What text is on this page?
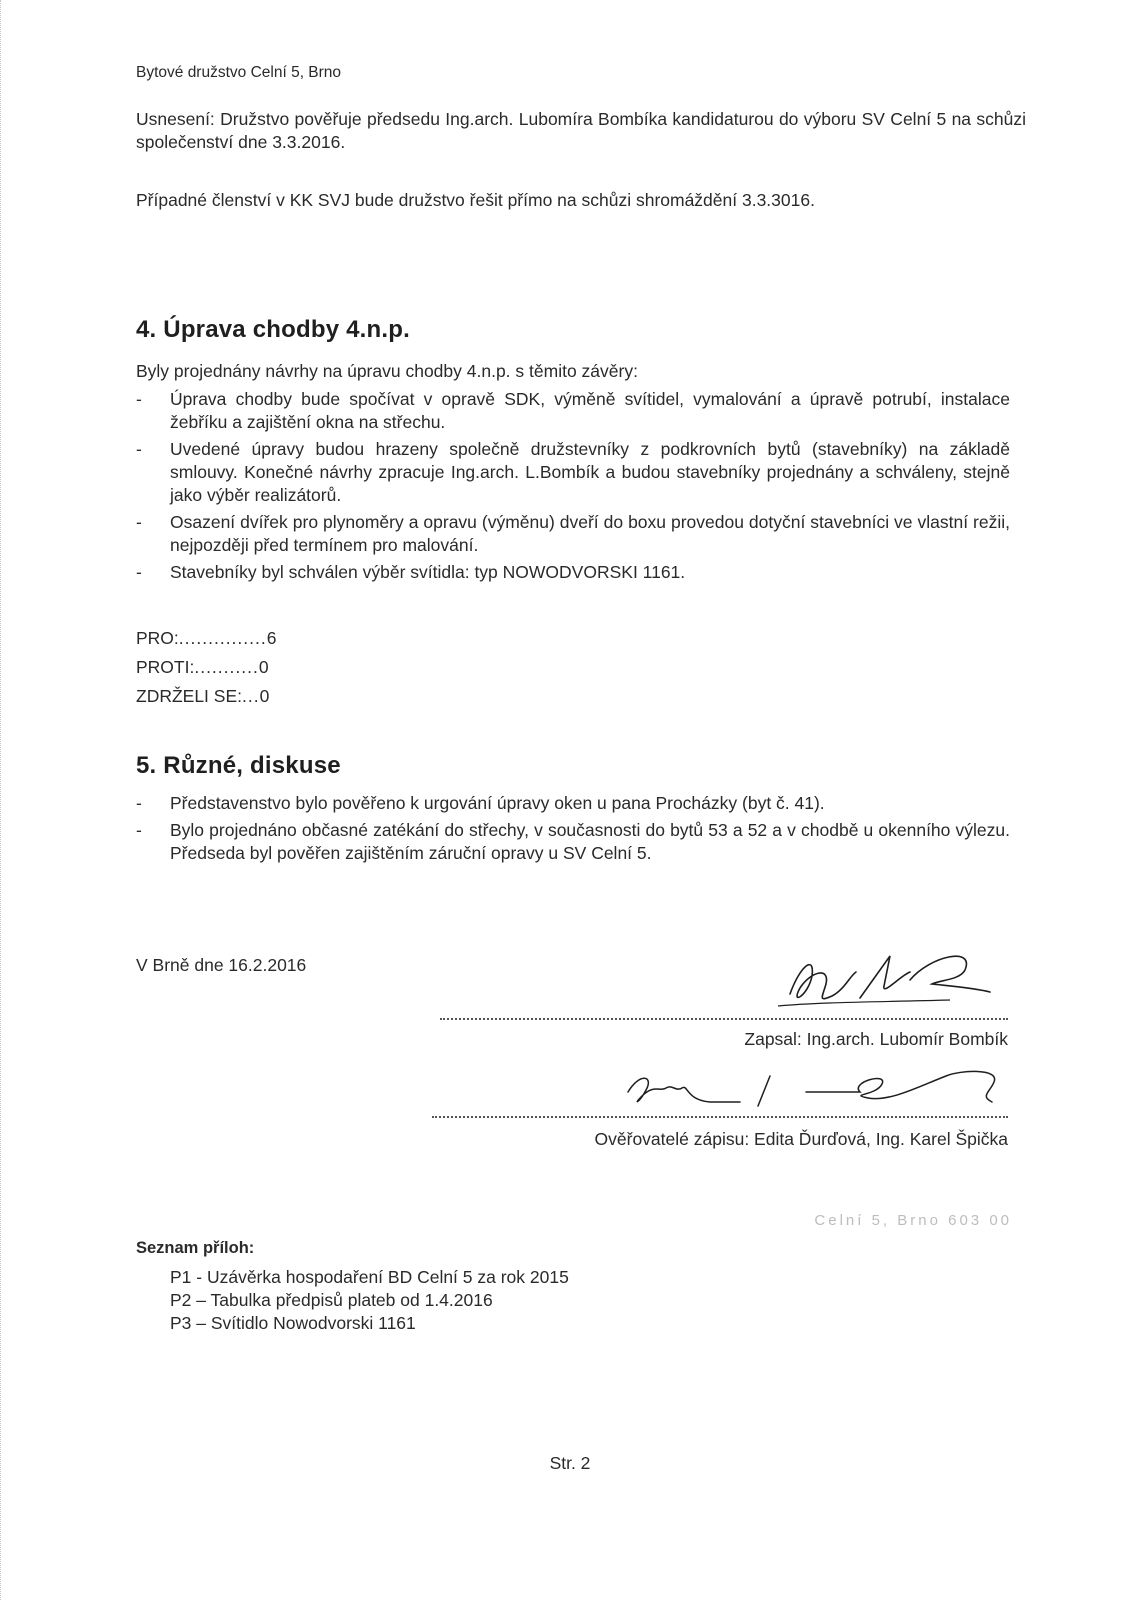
Bytové družstvo Celní 5, Brno
Usnesení: Družstvo pověřuje předsedu Ing.arch. Lubomíra Bombíka kandidaturou do výboru SV Celní 5 na schůzi společenství dne 3.3.2016.
Případné členství v KK SVJ bude družstvo řešit přímo na schůzi shromáždění 3.3.3016.
4. Úprava chodby 4.n.p.
Byly projednány návrhy na úpravu chodby 4.n.p. s těmito závěry:
- Úprava chodby bude spočívat v opravě SDK, výměně svítidel, vymalování a úpravě potrubí, instalace žebříku a zajištění okna na střechu.
- Uvedené úpravy budou hrazeny společně družstevníky z podkrovních bytů (stavebníky) na základě smlouvy. Konečné návrhy zpracuje Ing.arch. L.Bombík a budou stavebníky projednány a schváleny, stejně jako výběr realizátorů.
- Osazení dvířek pro plynoměry a opravu (výměnu) dveří do boxu provedou dotyční stavebníci ve vlastní režii, nejpozději před termínem pro malování.
- Stavebníky byl schválen výběr svítidla: typ NOWODVORSKI 1161.
PRO:...............6
PROTI:...........0
ZDRŽELI SE:...0
5. Různé, diskuse
- Představenstvo bylo pověřeno k urgování úpravy oken u pana Procházky (byt č. 41).
- Bylo projednáno občasné zatékání do střechy, v současnosti do bytů 53 a 52 a v chodbě u okenního výlezu. Předseda byl pověřen zajištěním záruční opravy u SV Celní 5.
V Brně dne 16.2.2016
Zapsal: Ing.arch. Lubomír Bombík
Ověřovatelé zápisu: Edita Ďurďová, Ing. Karel Špička
Celní 5, Brno 603 00
Seznam příloh:
P1 - Uzávěrka hospodaření BD Celní 5 za rok 2015
P2 – Tabulka předpisů plateb od 1.4.2016
P3 – Svítidlo Nowodvorski 1161
Str. 2
